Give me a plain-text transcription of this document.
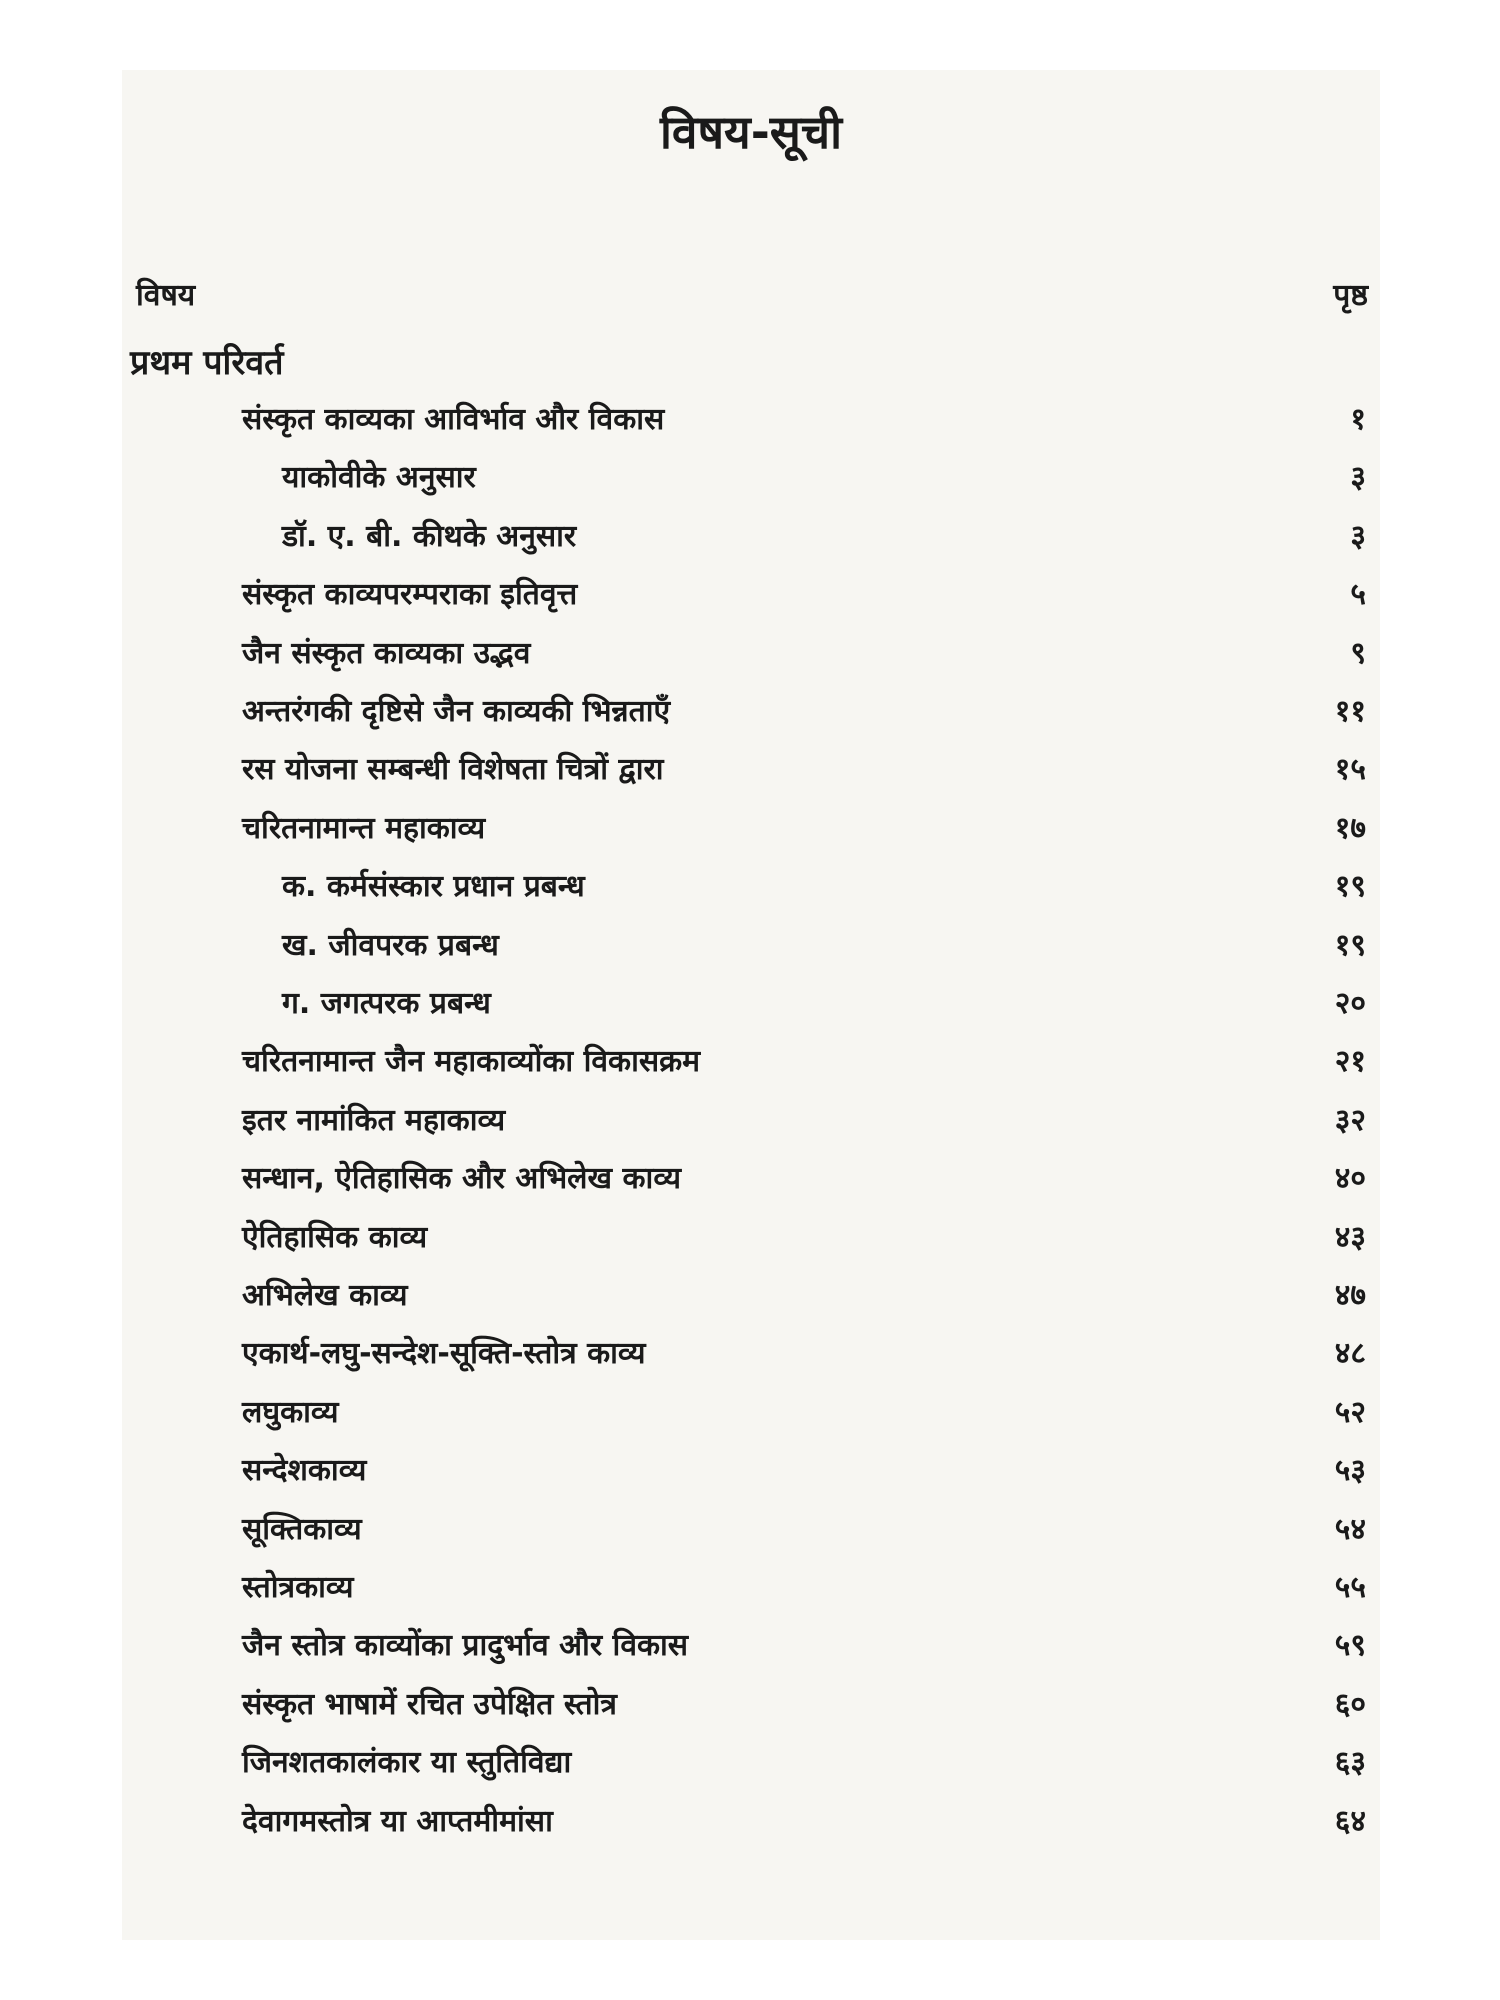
विषय-सूची
विषय	पृष्ठ
प्रथम परिवर्त
संस्कृत काव्यका आविर्भाव और विकास	१
याकोवीके अनुसार	३
डॉ. ए. बी. कीथके अनुसार	३
संस्कृत काव्यपरम्पराका इतिवृत्त	५
जैन संस्कृत काव्यका उद्भव	९
अन्तरंगकी दृष्टिसे जैन काव्यकी भिन्नताएँ	११
रस योजना सम्बन्धी विशेषता चित्रों द्वारा	१५
चरितनामान्त महाकाव्य	१७
क. कर्मसंस्कार प्रधान प्रबन्ध	१९
ख. जीवपरक प्रबन्ध	१९
ग. जगत्परक प्रबन्ध	२०
चरितनामान्त जैन महाकाव्योंका विकासक्रम	२१
इतर नामांकित महाकाव्य	३२
सन्धान, ऐतिहासिक और अभिलेख काव्य	४०
ऐतिहासिक काव्य	४३
अभिलेख काव्य	४७
एकार्थ-लघु-सन्देश-सूक्ति-स्तोत्र काव्य	४८
लघुकाव्य	५२
सन्देशकाव्य	५३
सूक्तिकाव्य	५४
स्तोत्रकाव्य	५५
जैन स्तोत्र काव्योंका प्रादुर्भाव और विकास	५९
संस्कृत भाषामें रचित उपेक्षित स्तोत्र	६०
जिनशतकालंकार या स्तुतिविद्या	६३
देवागमस्तोत्र या आप्तमीमांसा	६४
